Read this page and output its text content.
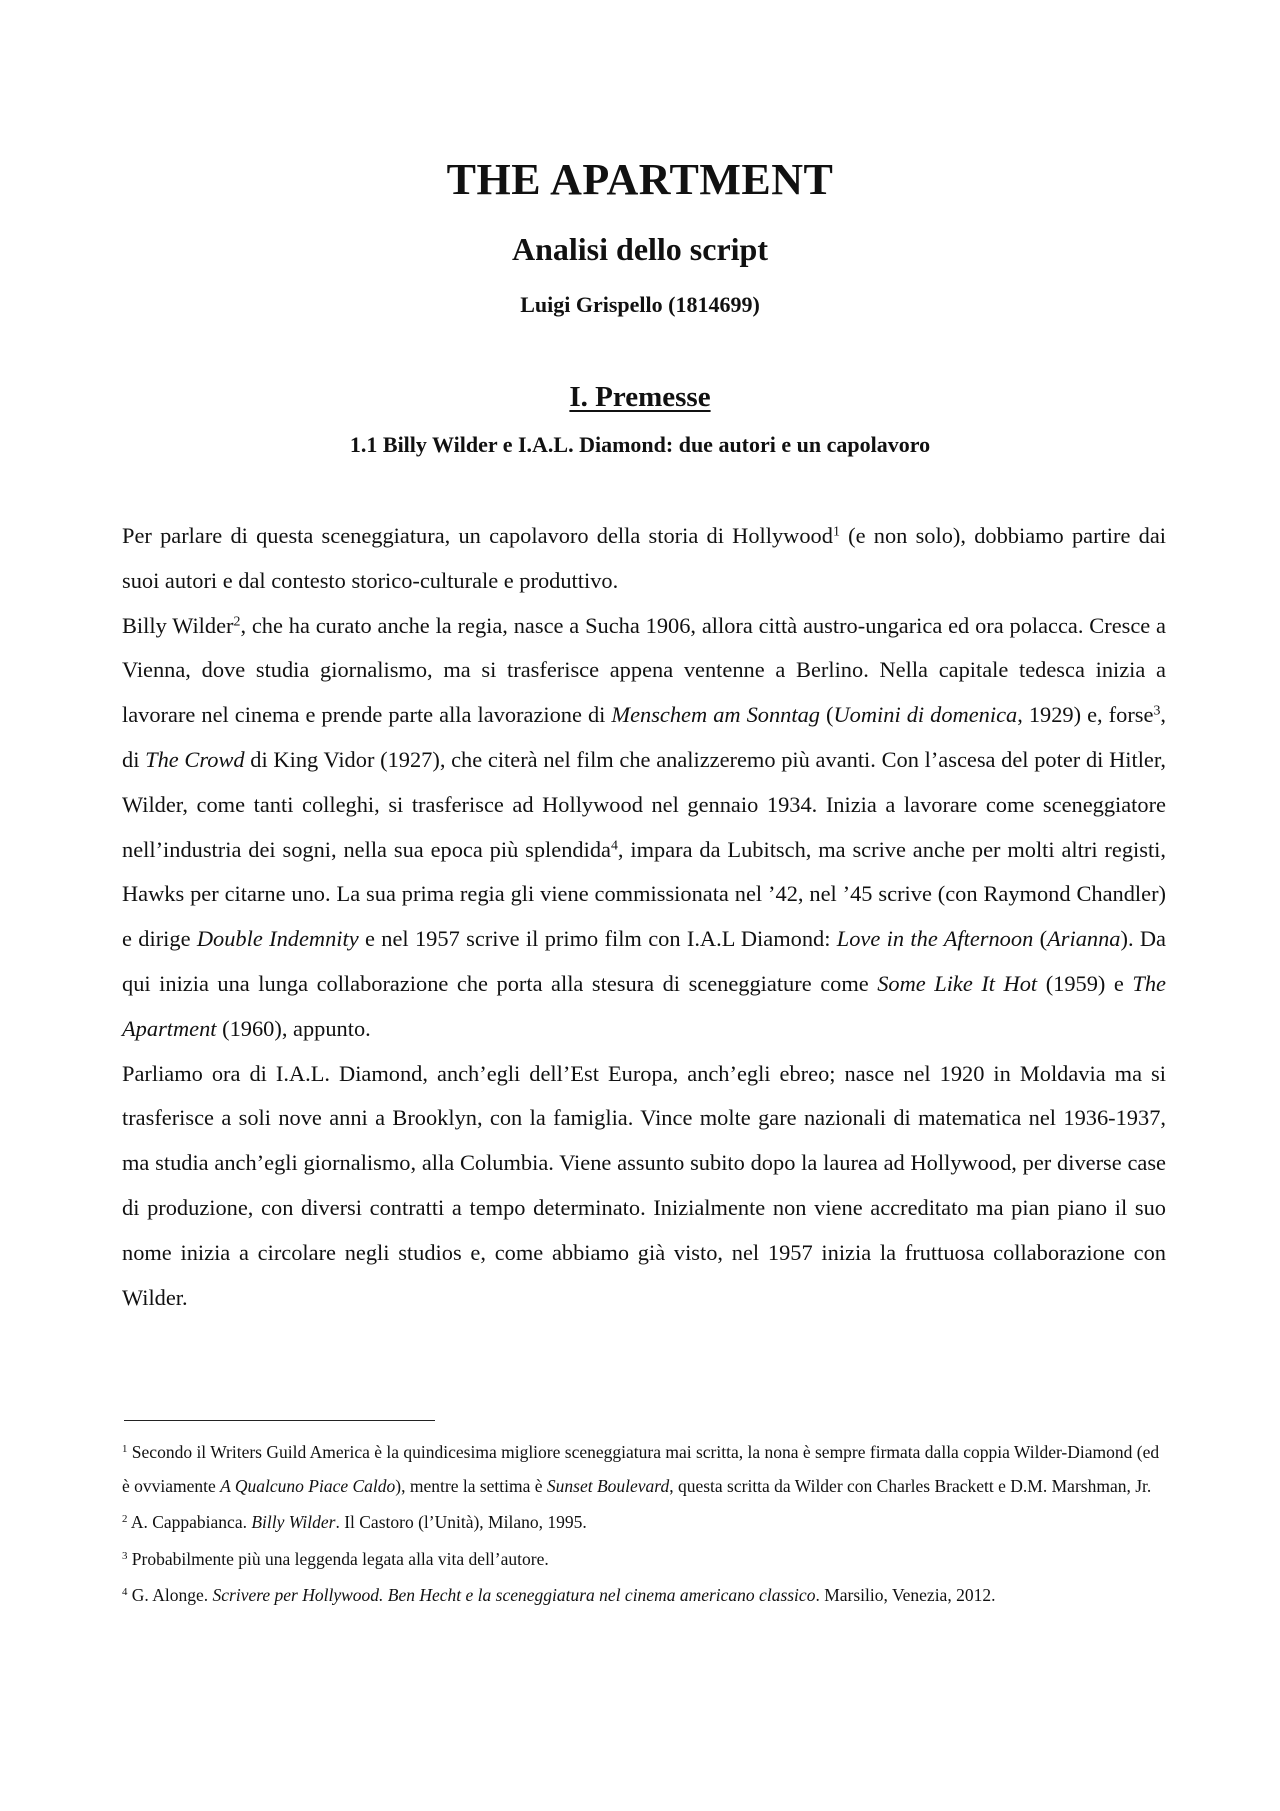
THE APARTMENT
Analisi dello script
Luigi Grispello (1814699)
I. Premesse
1.1 Billy Wilder e I.A.L. Diamond: due autori e un capolavoro

Per parlare di questa sceneggiatura, un capolavoro della storia di Hollywood$^1$ (e non solo), dobbiamo partire dai suoi autori e dal contesto storico-culturale e produttivo.

Billy Wilder$^2$, che ha curato anche la regia, nasce a Sucha 1906, allora città austro-ungarica ed ora polacca. Cresce a Vienna, dove studia giornalismo, ma si trasferisce appena ventenne a Berlino. Nella capitale tedesca inizia a lavorare nel cinema e prende parte alla lavorazione di Menschem am Sonntag (Uomini di domenica, 1929) e, forse$^3$, di The Crowd di King Vidor (1927), che citerà nel film che analizzeremo più avanti. Con l’ascesa del poter di Hitler, Wilder, come tanti colleghi, si trasferisce ad Hollywood nel gennaio 1934. Inizia a lavorare come sceneggiatore nell’industria dei sogni, nella sua epoca più splendida$^4$, impara da Lubitsch, ma scrive anche per molti altri registi, Hawks per citarne uno. La sua prima regia gli viene commissionata nel ’42, nel ’45 scrive (con Raymond Chandler) e dirige Double Indemnity e nel 1957 scrive il primo film con I.A.L Diamond: Love in the Afternoon (Arianna). Da qui inizia una lunga collaborazione che porta alla stesura di sceneggiature come Some Like It Hot (1959) e The Apartment (1960), appunto.

Parliamo ora di I.A.L. Diamond, anch’egli dell’Est Europa, anch’egli ebreo; nasce nel 1920 in Moldavia ma si trasferisce a soli nove anni a Brooklyn, con la famiglia. Vince molte gare nazionali di matematica nel 1936-1937, ma studia anch’egli giornalismo, alla Columbia. Viene assunto subito dopo la laurea ad Hollywood, per diverse case di produzione, con diversi contratti a tempo determinato. Inizialmente non viene accreditato ma pian piano il suo nome inizia a circolare negli studios e, come abbiamo già visto, nel 1957 inizia la fruttuosa collaborazione con Wilder.

$^1$ Secondo il Writers Guild America è la quindicesima migliore sceneggiatura mai scritta, la nona è sempre firmata dalla coppia Wilder-Diamond (ed è ovviamente A Qualcuno Piace Caldo), mentre la settima è Sunset Boulevard, questa scritta da Wilder con Charles Brackett e D.M. Marshman, Jr.

$^2$ A. Cappabianca. Billy Wilder. Il Castoro (l’Unità), Milano, 1995.

$^3$ Probabilmente più una leggenda legata alla vita dell’autore.

$^4$ G. Alonge. Scrivere per Hollywood. Ben Hecht e la sceneggiatura nel cinema americano classico. Marsilio, Venezia, 2012.
